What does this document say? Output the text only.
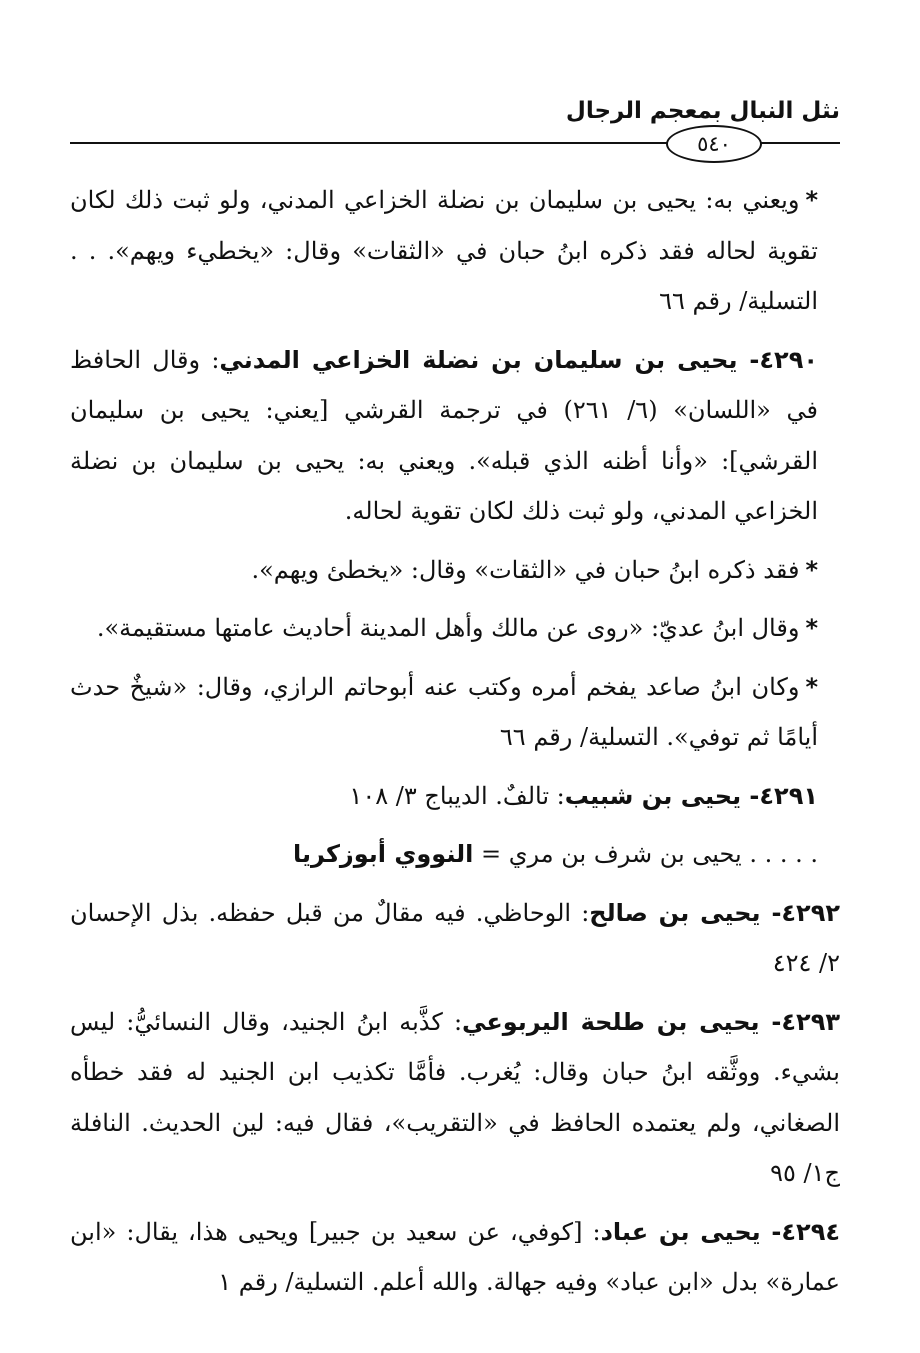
نثل النبال بمعجم الرجال
٥٤٠

*ويعني به: يحيى بن سليمان بن نضلة الخزاعي المدني، ولو ثبت ذلك لكان تقوية لحاله فقد ذكره ابنُ حبان في «الثقات» وقال: «يخطيء ويهم». . . التسلية/ رقم ٦٦

٤٢٩٠- يحيى بن سليمان بن نضلة الخزاعي المدني: وقال الحافظ في «اللسان» (٦/ ٢٦١) في ترجمة القرشي [يعني: يحيى بن سليمان القرشي]: «وأنا أظنه الذي قبله». ويعني به: يحيى بن سليمان بن نضلة الخزاعي المدني، ولو ثبت ذلك لكان تقوية لحاله.

*فقد ذكره ابنُ حبان في «الثقات» وقال: «يخطئ ويهم».

*وقال ابنُ عديّ: «روى عن مالك وأهل المدينة أحاديث عامتها مستقيمة».

*وكان ابنُ صاعد يفخم أمره وكتب عنه أبوحاتم الرازي، وقال: «شيخٌ حدث أيامًا ثم توفي». التسلية/ رقم ٦٦

٤٢٩١- يحيى بن شبيب: تالفٌ. الديباج ٣/ ١٠٨

. . . . . يحيى بن شرف بن مري = النووي أبوزكريا

٤٢٩٢- يحيى بن صالح: الوحاظي. فيه مقالٌ من قبل حفظه. بذل الإحسان ٢/ ٤٢٤

٤٢٩٣- يحيى بن طلحة اليربوعي: كذَّبه ابنُ الجنيد، وقال النسائيُّ: ليس بشيء. ووثَّقه ابنُ حبان وقال: يُغرب. فأمَّا تكذيب ابن الجنيد له فقد خطأه الصغاني، ولم يعتمده الحافظ في «التقريب»، فقال فيه: لين الحديث. النافلة ج١/ ٩٥

٤٢٩٤- يحيى بن عباد: [كوفي، عن سعيد بن جبير] ويحيى هذا، يقال: «ابن عمارة» بدل «ابن عباد» وفيه جهالة. والله أعلم. التسلية/ رقم ١
